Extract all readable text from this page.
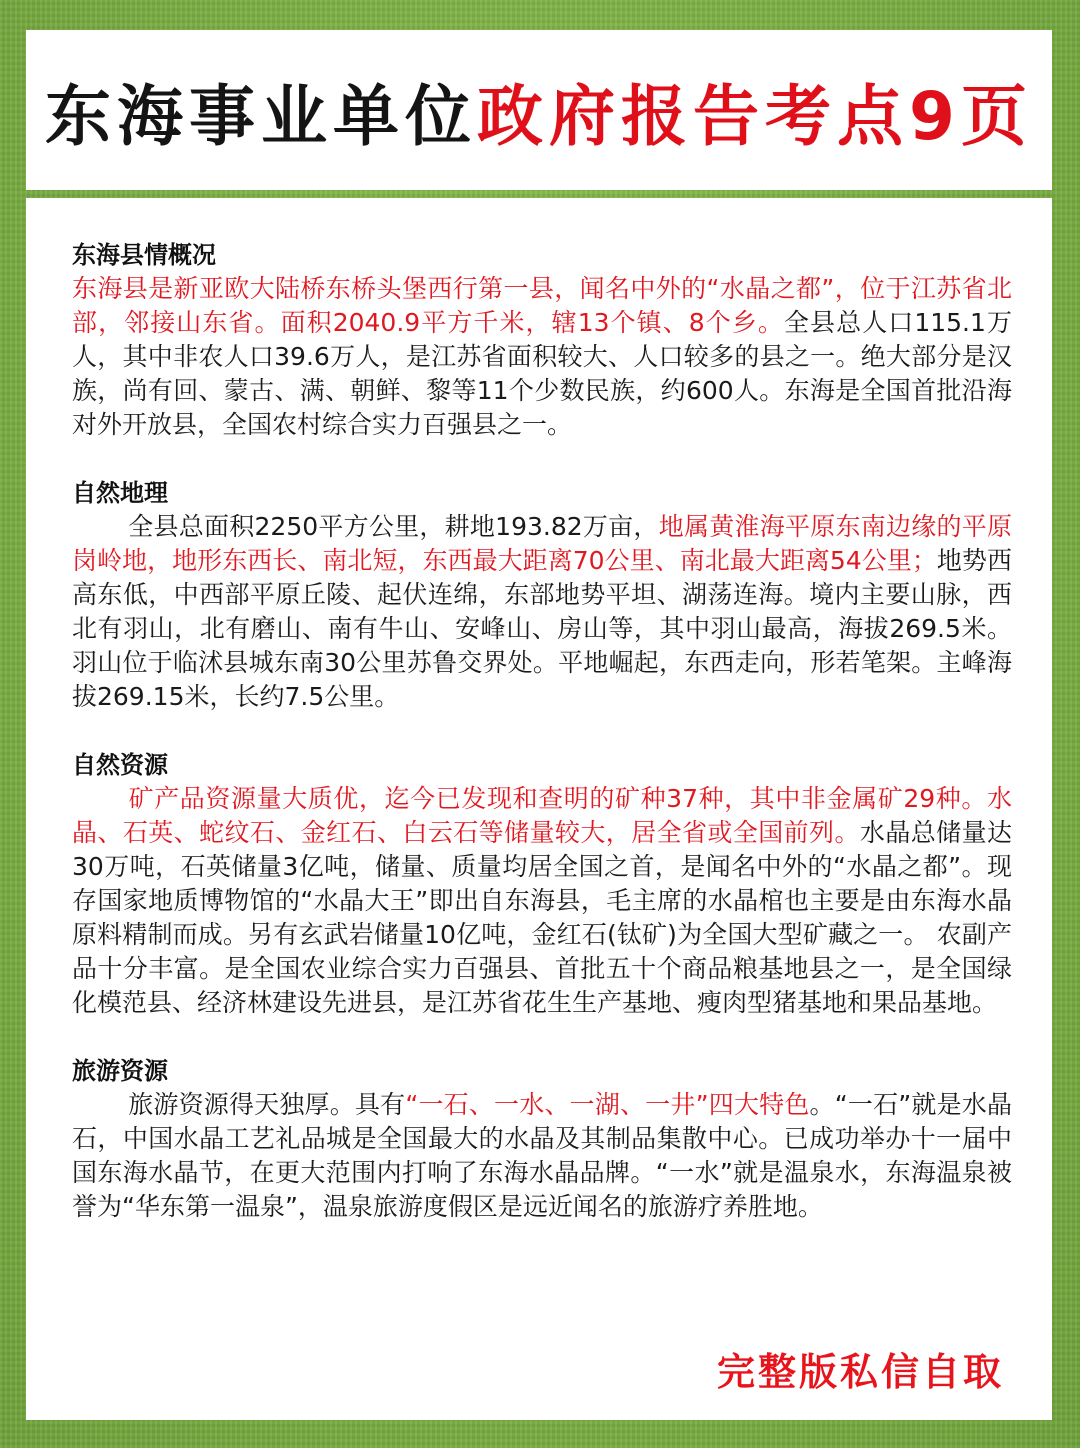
东海事业单位政府报告考点9页
东海县情概况

东海县是新亚欧大陆桥东桥头堡西行第一县，闻名中外的“水晶之都”，位于江苏省北部，邻接山东省。面积2040.9平方千米，辖13个镇、8个乡。全县总人口115.1万人，其中非农人口39.6万人，是江苏省面积较大、人口较多的县之一。绝大部分是汉族，尚有回、蒙古、满、朝鲜、黎等11个少数民族，约600人。东海是全国首批沿海对外开放县，全国农村综合实力百强县之一。

自然地理

全县总面积2250平方公里，耕地193.82万亩，地属黄淮海平原东南边缘的平原岗岭地，地形东西长、南北短，东西最大距离70公里、南北最大距离54公里；地势西高东低，中西部平原丘陵、起伏连绵，东部地势平坦、湖荡连海。境内主要山脉，西北有羽山，北有磨山、南有牛山、安峰山、房山等，其中羽山最高，海拔269.5米。羽山位于临沭县城东南30公里苏鲁交界处。平地崛起，东西走向，形若笔架。主峰海拔269.15米，长约7.5公里。

自然资源

矿产品资源量大质优，迄今已发现和查明的矿种37种，其中非金属矿29种。水晶、石英、蛇纹石、金红石、白云石等储量较大，居全省或全国前列。水晶总储量达30万吨，石英储量3亿吨，储量、质量均居全国之首，是闻名中外的“水晶之都”。现存国家地质博物馆的“水晶大王”即出自东海县，毛主席的水晶棺也主要是由东海水晶原料精制而成。另有玄武岩储量10亿吨，金红石(钛矿)为全国大型矿藏之一。 农副产品十分丰富。是全国农业综合实力百强县、首批五十个商品粮基地县之一，是全国绿化模范县、经济林建设先进县，是江苏省花生生产基地、瘦肉型猪基地和果品基地。

旅游资源

旅游资源得天独厚。具有“一石、一水、一湖、一井”四大特色。“一石”就是水晶石，中国水晶工艺礼品城是全国最大的水晶及其制品集散中心。已成功举办十一届中国东海水晶节，在更大范围内打响了东海水晶品牌。“一水”就是温泉水，东海温泉被誉为“华东第一温泉”，温泉旅游度假区是远近闻名的旅游疗养胜地。

完整版私信自取
